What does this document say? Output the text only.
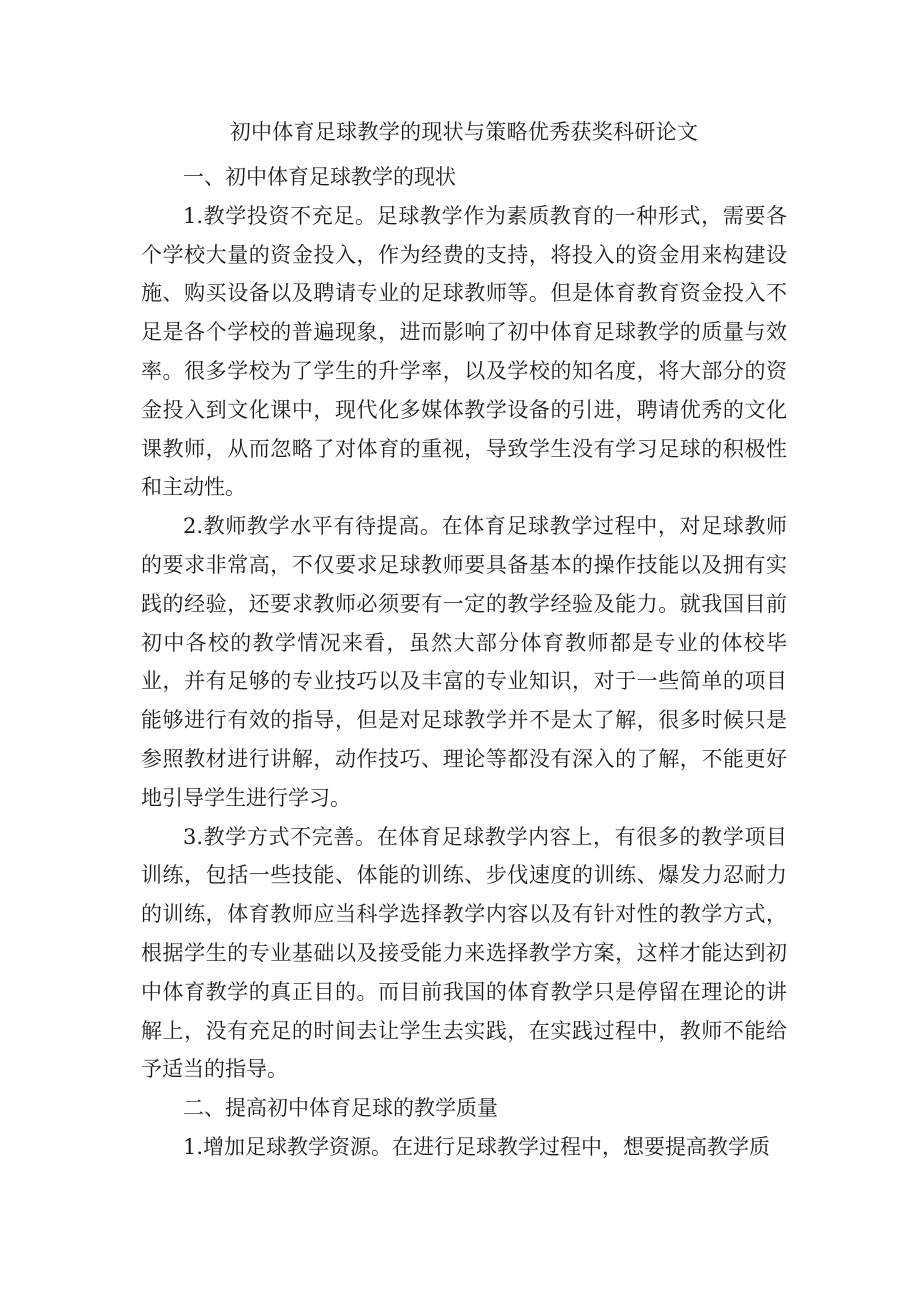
初中体育足球教学的现状与策略优秀获奖科研论文
一、初中体育足球教学的现状

1.教学投资不充足。足球教学作为素质教育的一种形式，需要各个学校大量的资金投入，作为经费的支持，将投入的资金用来构建设施、购买设备以及聘请专业的足球教师等。但是体育教育资金投入不足是各个学校的普遍现象，进而影响了初中体育足球教学的质量与效率。很多学校为了学生的升学率，以及学校的知名度，将大部分的资金投入到文化课中，现代化多媒体教学设备的引进，聘请优秀的文化课教师，从而忽略了对体育的重视，导致学生没有学习足球的积极性和主动性。

2.教师教学水平有待提高。在体育足球教学过程中，对足球教师的要求非常高，不仅要求足球教师要具备基本的操作技能以及拥有实践的经验，还要求教师必须要有一定的教学经验及能力。就我国目前初中各校的教学情况来看，虽然大部分体育教师都是专业的体校毕业，并有足够的专业技巧以及丰富的专业知识，对于一些简单的项目能够进行有效的指导，但是对足球教学并不是太了解，很多时候只是参照教材进行讲解，动作技巧、理论等都没有深入的了解，不能更好地引导学生进行学习。

3.教学方式不完善。在体育足球教学内容上，有很多的教学项目训练，包括一些技能、体能的训练、步伐速度的训练、爆发力忍耐力的训练，体育教师应当科学选择教学内容以及有针对性的教学方式，根据学生的专业基础以及接受能力来选择教学方案，这样才能达到初中体育教学的真正目的。而目前我国的体育教学只是停留在理论的讲解上，没有充足的时间去让学生去实践，在实践过程中，教师不能给予适当的指导。

二、提高初中体育足球的教学质量

1.增加足球教学资源。在进行足球教学过程中，想要提高教学质
